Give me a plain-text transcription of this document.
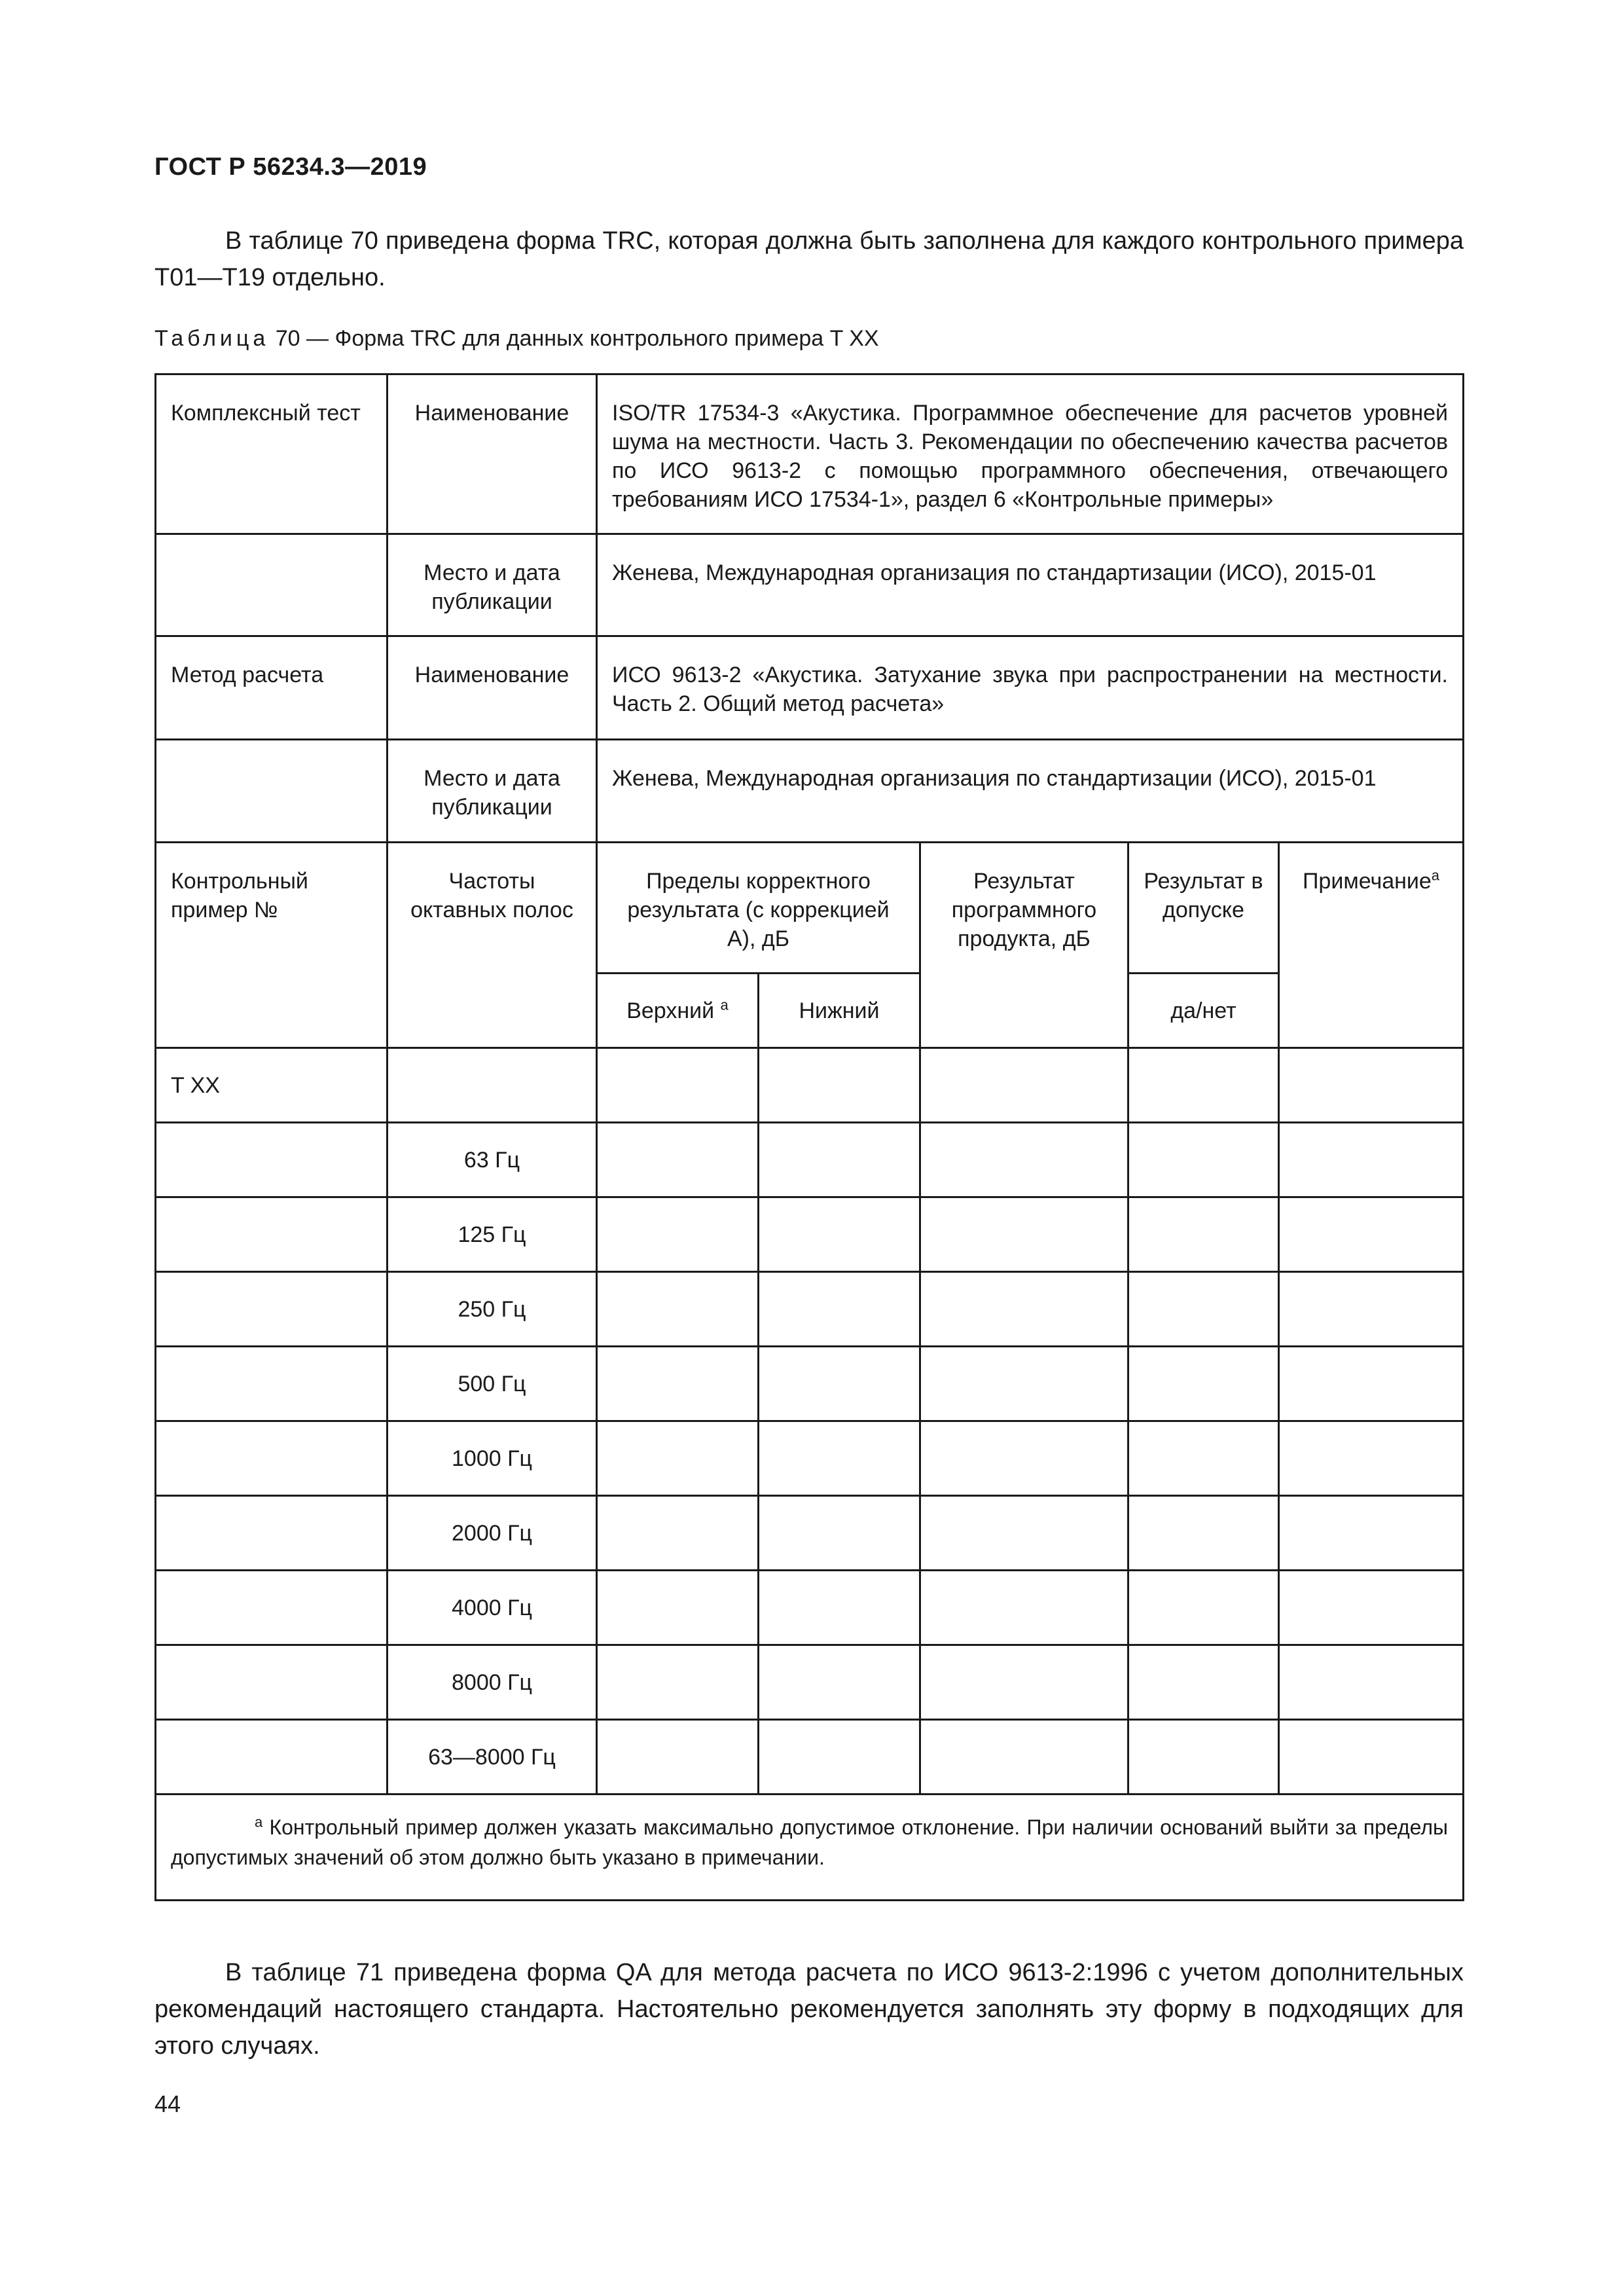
ГОСТ Р 56234.3—2019
В таблице 70 приведена форма TRC, которая должна быть заполнена для каждого контрольного примера T01—T19 отдельно.
Таблица 70 — Форма TRC для данных контрольного примера T XX
Комплексный тест	Наименование	ISO/TR 17534-3 «Акустика. Программное обеспечение для расчетов уровней шума на местности. Часть 3. Рекомендации по обеспечению качества расчетов по ИСО 9613-2 с помощью программного обеспечения, отвечающего требованиям ИСО 17534-1», раздел 6 «Контрольные примеры»				
	Место и дата публикации	Женева, Международная организация по стандартизации (ИСО), 2015-01				
Метод расчета	Наименование	ИСО 9613-2 «Акустика. Затухание звука при распространении на местности. Часть 2. Общий метод расчета»				
	Место и дата публикации	Женева, Международная организация по стандартизации (ИСО), 2015-01				
Контрольный пример №	Частоты октавных полос	Пределы корректного результата (с коррекцией А), дБ		Результат программного продукта, дБ	Результат в допуске	Примечание$^a$
		Верхний $^a$	Нижний		да/нет	
T XX						
	63 Гц					
	125 Гц					
	250 Гц					
	500 Гц					
	1000 Гц					
	2000 Гц					
	4000 Гц					
	8000 Гц					
	63—8000 Гц					
$^a$ Контрольный пример должен указать максимально допустимое отклонение. При наличии оснований выйти за пределы допустимых значений об этом должно быть указано в примечании.						
В таблице 71 приведена форма QA для метода расчета по ИСО 9613-2:1996 с учетом дополнительных рекомендаций настоящего стандарта. Настоятельно рекомендуется заполнять эту форму в подходящих для этого случаях.
44
